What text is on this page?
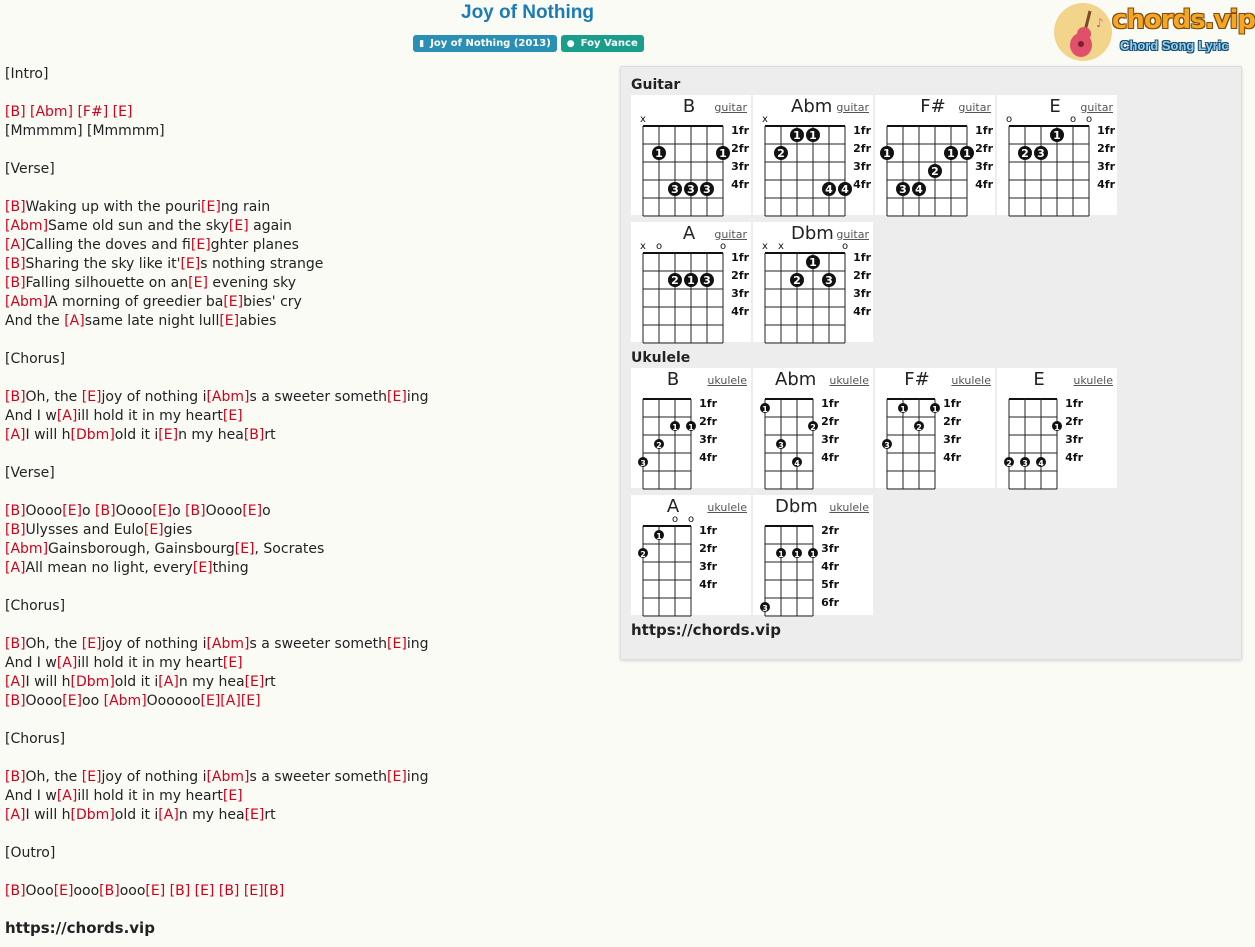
Joy of Nothing
▮ Joy of Nothing (2013) ● Foy Vance
♪ chords.vip
Chord Song Lyric
[Intro]
[B] [Abm] [F#] [E]
[Mmmmm] [Mmmmm]
[Verse]
[B]Waking up with the pouri[E]ng rain
[Abm]Same old sun and the sky[E] again
[A]Calling the doves and fi[E]ghter planes
[B]Sharing the sky like it'[E]s nothing strange
[B]Falling silhouette on an[E] evening sky
[Abm]A morning of greedier ba[E]bies' cry
And the [A]same late night lull[E]abies
[Chorus]
[B]Oh, the [E]joy of nothing i[Abm]s a sweeter someth[E]ing
And I w[A]ill hold it in my heart[E]
[A]I will h[Dbm]old it i[E]n my hea[B]rt
[Verse]
[B]Oooo[E]o [B]Oooo[E]o [B]Oooo[E]o
[B]Ulysses and Eulo[E]gies
[Abm]Gainsborough, Gainsbourg[E], Socrates
[A]All mean no light, every[E]thing
[Chorus]
[B]Oh, the [E]joy of nothing i[Abm]s a sweeter someth[E]ing
And I w[A]ill hold it in my heart[E]
[A]I will h[Dbm]old it i[A]n my hea[E]rt
[B]Oooo[E]oo [Abm]Oooooo[E][A][E]
[Chorus]
[B]Oh, the [E]joy of nothing i[Abm]s a sweeter someth[E]ing
And I w[A]ill hold it in my heart[E]
[A]I will h[Dbm]old it i[A]n my hea[E]rt
[Outro]
[B]Ooo[E]ooo[B]ooo[E] [B] [E] [B] [E][B]
https://chords.vip
Guitar
Ukulele
https://chords.vip
B	guitar
1fr
2fr
3fr
4fr
x
1	1
3 3 3
Abm guitar
1fr
2fr
3fr
4fr
x
1 1
2
4 4
F#	guitar
1fr
2fr
3fr
4fr
1	1 1
2
3 4
E	guitar
1fr
2fr
3fr
4fr
o	o o
1
2 3
A	guitar
1fr
2fr
3fr
4fr
x o	o
2 1 3
Dbm guitar
1fr
2fr
3fr
4fr
x x	o
1
2 3
B	ukulele
1fr
2fr
3fr
4fr
1 1
2
3
Abm ukulele
1fr
2fr
3fr
4fr
1
2
3
4
F#	ukulele
1fr
2fr
3fr
4fr
1	1
2
3
E	ukulele
1fr
2fr
3fr
4fr
1
2 3 4
A	ukulele
1fr
2fr
3fr
4fr
o o
1
2
Dbm ukulele
2fr
3fr
4fr
5fr
6fr
1 1 1
3
